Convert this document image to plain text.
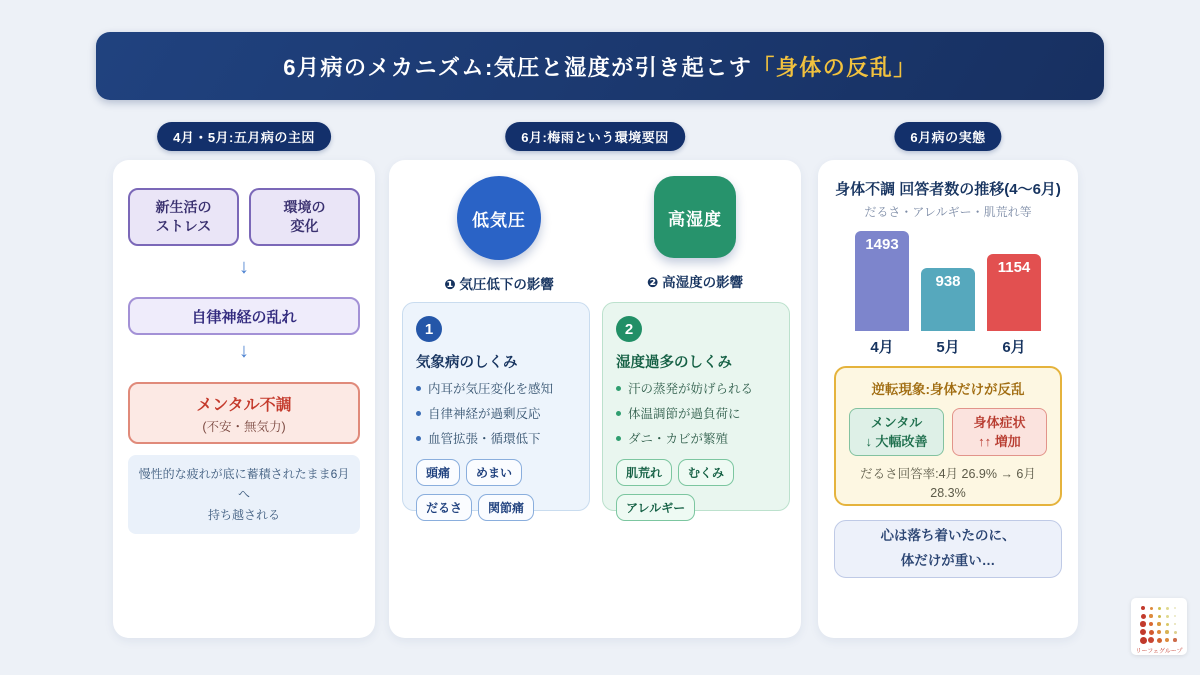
6月病のメカニズム:気圧と湿度が引き起こす「身体の反乱」
4月・5月:五月病の主因	6月:梅雨という環境要因	6月病の実態
新生活の
ストレス
環境の
変化
↓
自律神経の乱れ
↓
メンタル不調
(不安・無気力)
慢性的な疲れが底に蓄積されたまま6月へ
持ち越される
低気圧
❶ 気圧低下の影響
高湿度
❷ 高湿度の影響
1
気象病のしくみ
内耳が気圧変化を感知
自律神経が過剰反応
血管拡張・循環低下
頭痛	めまい
だるさ	関節痛
2
湿度過多のしくみ
汗の蒸発が妨げられる
体温調節が過負荷に
ダニ・カビが繁殖
肌荒れ	むくみ
アレルギー
身体不調 回答者数の推移(4〜6月)
だるさ・アレルギー・肌荒れ等
1493
4月
938
5月
1154
6月
逆転現象:身体だけが反乱
メンタル
↓ 大幅改善
身体症状
↑↑ 増加
だるさ回答率:4月 26.9% → 6月 28.3%
心は落ち着いたのに、
体だけが重い…
リーフェグループ
